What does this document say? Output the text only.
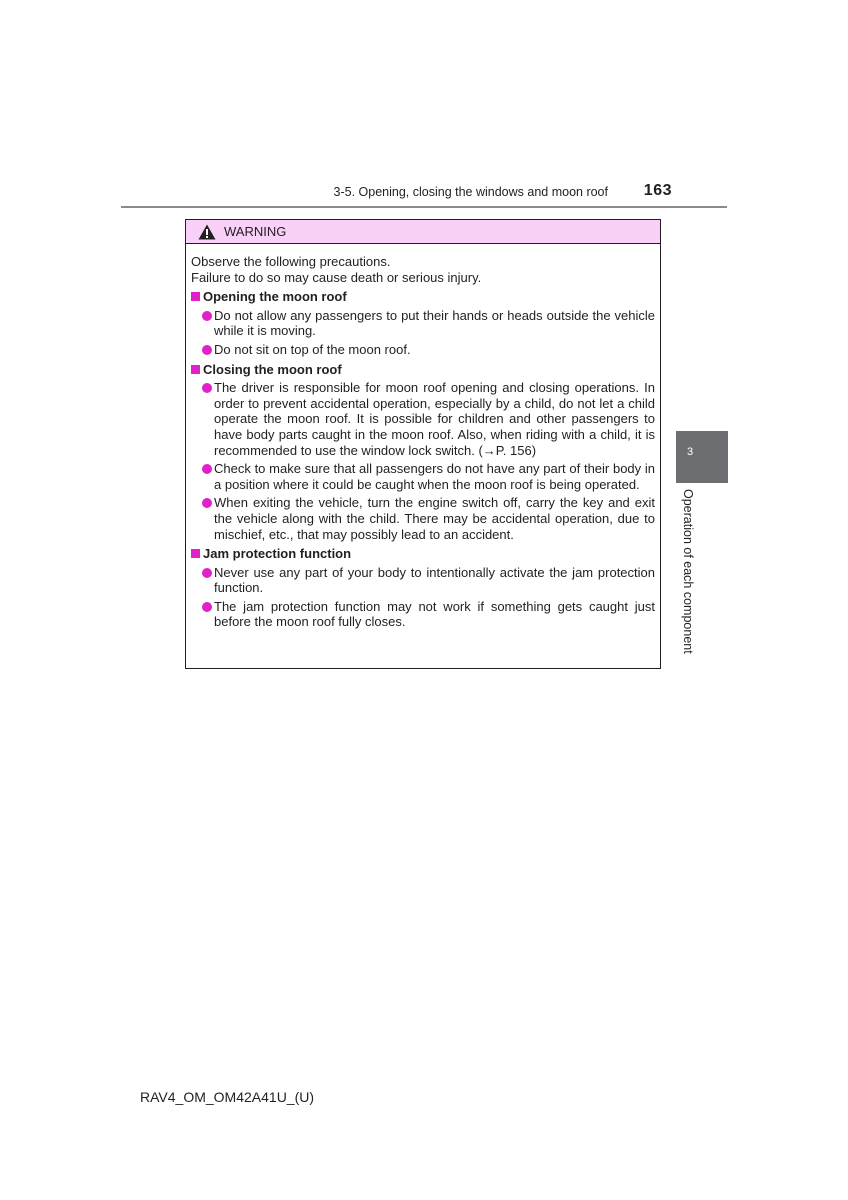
3-5. Opening, closing the windows and moon roof	163
WARNING

Observe the following precautions.

Failure to do so may cause death or serious injury.

Opening the moon roof
Do not allow any passengers to put their hands or heads outside the vehicle while it is moving.
Do not sit on top of the moon roof.
Closing the moon roof
The driver is responsible for moon roof opening and closing operations. In order to prevent accidental operation, especially by a child, do not let a child operate the moon roof. It is possible for children and other passengers to have body parts caught in the moon roof. Also, when riding with a child, it is recommended to use the window lock switch. (→P. 156)
Check to make sure that all passengers do not have any part of their body in a position where it could be caught when the moon roof is being operated.
When exiting the vehicle, turn the engine switch off, carry the key and exit the vehicle along with the child. There may be accidental operation, due to mischief, etc., that may possibly lead to an accident.
Jam protection function
Never use any part of your body to intentionally activate the jam protection function.
The jam protection function may not work if something gets caught just before the moon roof fully closes.
3
Operation of each component
RAV4_OM_OM42A41U_(U)
